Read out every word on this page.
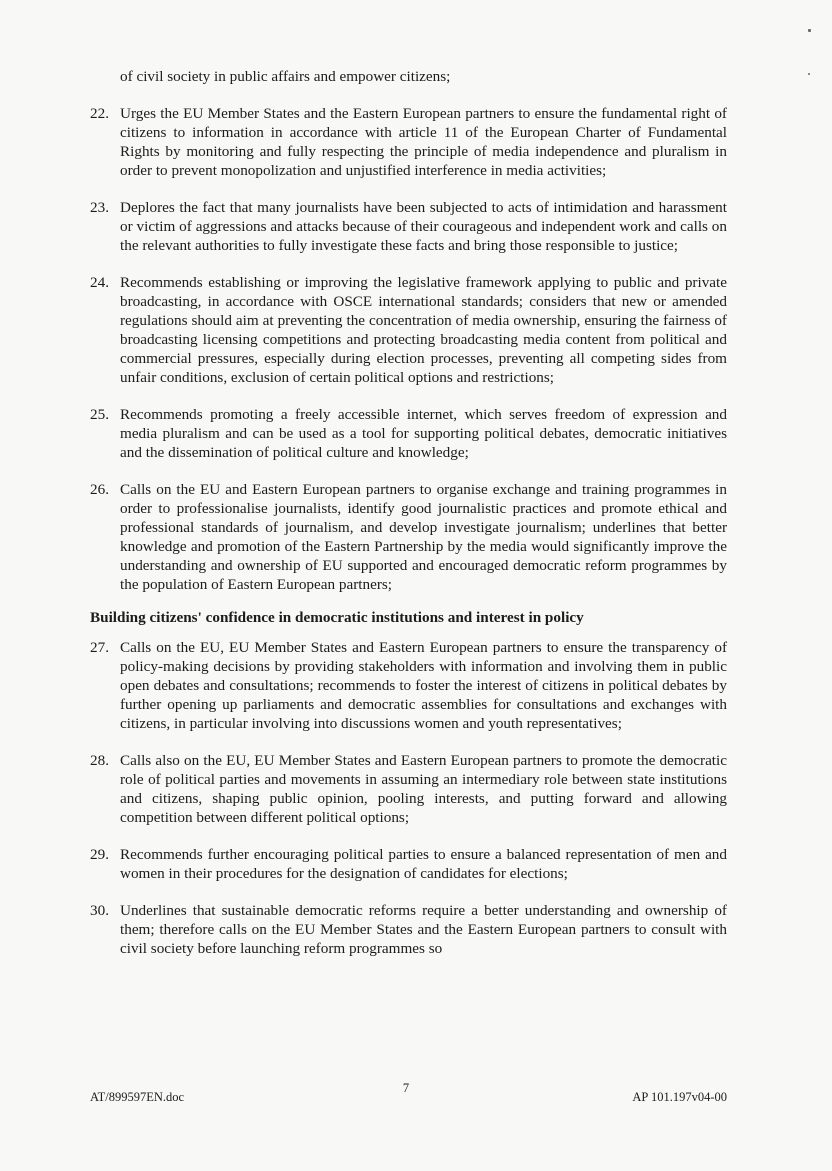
of civil society in public affairs and empower citizens;

22. Urges the EU Member States and the Eastern European partners to ensure the fundamental right of citizens to information in accordance with article 11 of the European Charter of Fundamental Rights by monitoring and fully respecting the principle of media independence and pluralism in order to prevent monopolization and unjustified interference in media activities;
23. Deplores the fact that many journalists have been subjected to acts of intimidation and harassment or victim of aggressions and attacks because of their courageous and independent work and calls on the relevant authorities to fully investigate these facts and bring those responsible to justice;
24. Recommends establishing or improving the legislative framework applying to public and private broadcasting, in accordance with OSCE international standards; considers that new or amended regulations should aim at preventing the concentration of media ownership, ensuring the fairness of broadcasting licensing competitions and protecting broadcasting media content from political and commercial pressures, especially during election processes, preventing all competing sides from unfair conditions, exclusion of certain political options and restrictions;
25. Recommends promoting a freely accessible internet, which serves freedom of expression and media pluralism and can be used as a tool for supporting political debates, democratic initiatives and the dissemination of political culture and knowledge;
26. Calls on the EU and Eastern European partners to organise exchange and training programmes in order to professionalise journalists, identify good journalistic practices and promote ethical and professional standards of journalism, and develop investigate journalism; underlines that better knowledge and promotion of the Eastern Partnership by the media would significantly improve the understanding and ownership of EU supported and encouraged democratic reform programmes by the population of Eastern European partners;
Building citizens' confidence in democratic institutions and interest in policy
27. Calls on the EU, EU Member States and Eastern European partners to ensure the transparency of policy-making decisions by providing stakeholders with information and involving them in public open debates and consultations; recommends to foster the interest of citizens in political debates by further opening up parliaments and democratic assemblies for consultations and exchanges with citizens, in particular involving into discussions women and youth representatives;
28. Calls also on the EU, EU Member States and Eastern European partners to promote the democratic role of political parties and movements in assuming an intermediary role between state institutions and citizens, shaping public opinion, pooling interests, and putting forward and allowing competition between different political options;
29. Recommends further encouraging political parties to ensure a balanced representation of men and women in their procedures for the designation of candidates for elections;
30. Underlines that sustainable democratic reforms require a better understanding and ownership of them; therefore calls on the EU Member States and the Eastern European partners to consult with civil society before launching reform programmes so
AT/899597EN.doc
7
AP 101.197v04-00
